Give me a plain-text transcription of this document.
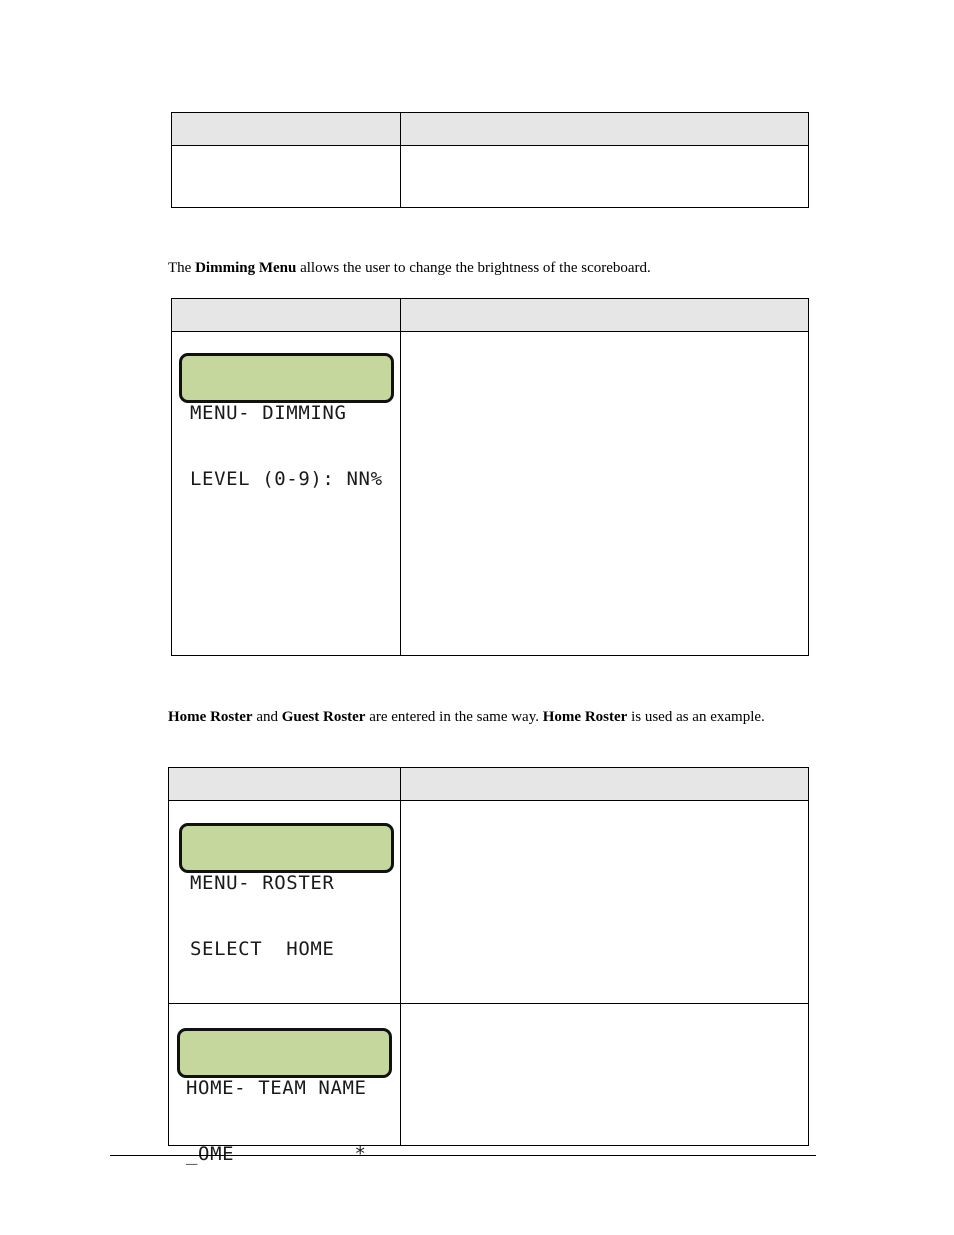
The Dimming Menu allows the user to change the brightness of the scoreboard.

MENU- DIMMING

LEVEL (0-9): NN%	

Home Roster and Guest Roster are entered in the same way. Home Roster is used as an example.

MENU- ROSTER

SELECT  HOME	

HOME- TEAM NAME

_OME          *	
